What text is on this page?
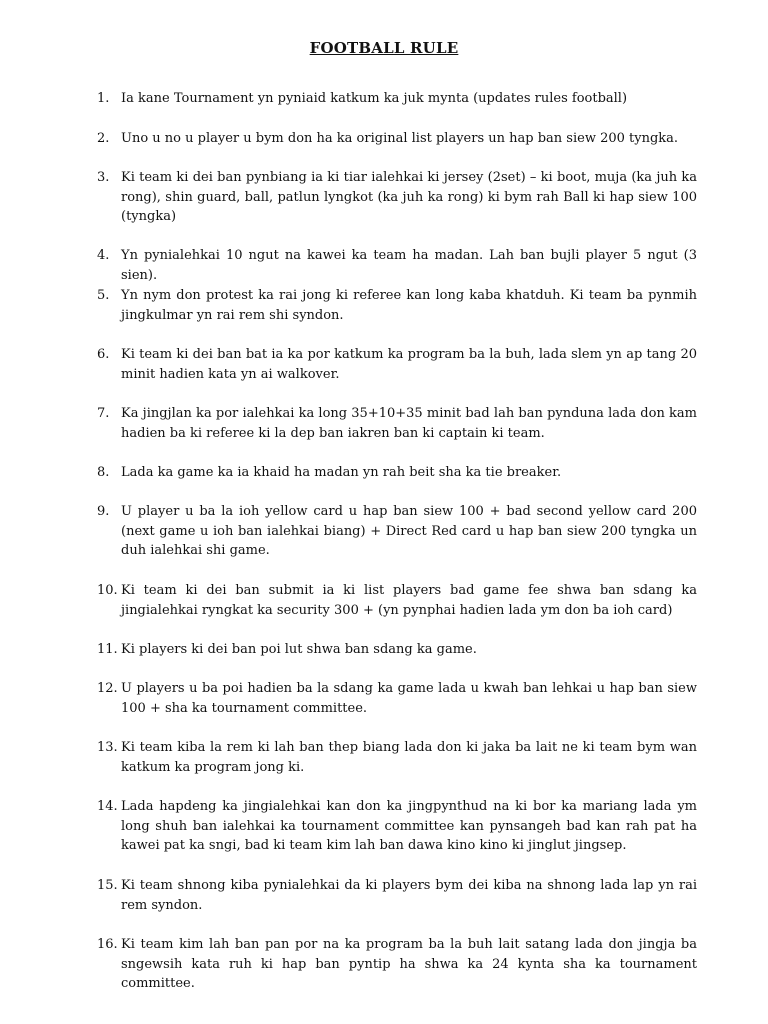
FOOTBALL RULE
1. Ia kane Tournament yn pyniaid katkum ka juk mynta (updates rules football)
2. Uno u no u player u bym don ha ka original list players un hap ban siew 200 tyngka.
3. Ki team ki dei ban pynbiang ia ki tiar ialehkai ki jersey (2set) – ki boot, muja (ka juh ka rong), shin guard, ball, patlun lyngkot (ka juh ka rong) ki bym rah Ball ki hap siew 100 (tyngka)
4. Yn pynialehkai 10 ngut na kawei ka team ha madan. Lah ban bujli player 5 ngut (3 sien).
5. Yn nym don protest ka rai jong ki referee kan long kaba khatduh. Ki team ba pynmih jingkulmar yn rai rem shi syndon.
6. Ki team ki dei ban bat ia ka por katkum ka program ba la buh, lada slem yn ap tang 20 minit hadien kata yn ai walkover.
7. Ka jingjlan ka por ialehkai ka long 35+10+35 minit bad lah ban pynduna lada don kam hadien ba ki referee ki la dep ban iakren ban ki captain ki team.
8. Lada ka game ka ia khaid ha madan yn rah beit sha ka tie breaker.
9. U player u ba la ioh yellow card u hap ban siew 100 + bad second yellow card 200 (next game u ioh ban ialehkai biang) + Direct Red card u hap ban siew 200 tyngka un duh ialehkai shi game.
10. Ki team ki dei ban submit ia ki list players bad game fee shwa ban sdang ka jingialehkai ryngkat ka security 300 + (yn pynphai hadien lada ym don ba ioh card)
11. Ki players ki dei ban poi lut shwa ban sdang ka game.
12. U players u ba poi hadien ba la sdang ka game lada u kwah ban lehkai u hap ban siew 100 + sha ka tournament committee.
13. Ki team kiba la rem ki lah ban thep biang lada don ki jaka ba lait ne ki team bym wan katkum ka program jong ki.
14. Lada hapdeng ka jingialehkai kan don ka jingpynthud na ki bor ka mariang lada ym long shuh ban ialehkai ka tournament committee kan pynsangeh bad kan rah pat ha kawei pat ka sngi, bad ki team kim lah ban dawa kino kino ki jinglut jingsep.
15. Ki team shnong kiba pynialehkai da ki players bym dei kiba na shnong lada lap yn rai rem syndon.
16. Ki team kim lah ban pan por na ka program ba la buh lait satang lada don jingja ba sngewsih kata ruh ki hap ban pyntip ha shwa ka 24 kynta sha ka tournament committee.
